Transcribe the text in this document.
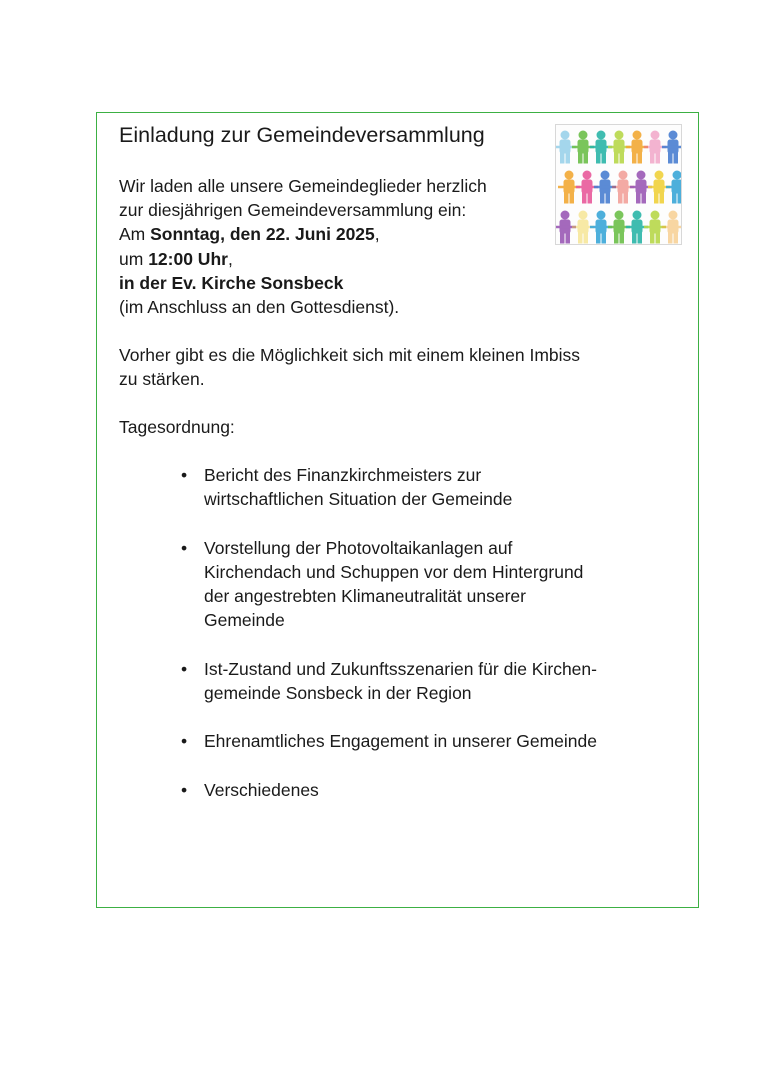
Einladung zur Gemeindeversammlung
Wir laden alle unsere Gemeindeglieder herzlich
zur diesjährigen Gemeindeversammlung ein:
Am Sonntag, den 22. Juni 2025,
um 12:00 Uhr,
in der Ev. Kirche Sonsbeck
(im Anschluss an den Gottesdienst).
Vorher gibt es die Möglichkeit sich mit einem kleinen Imbiss
zu stärken.
Tagesordnung:
• Bericht des Finanzkirchmeisters zur
wirtschaftlichen Situation der Gemeinde
• Vorstellung der Photovoltaikanlagen auf
Kirchendach und Schuppen vor dem Hintergrund
der angestrebten Klimaneutralität unserer
Gemeinde
• Ist-Zustand und Zukunftsszenarien für die Kirchen-
gemeinde Sonsbeck in der Region
• Ehrenamtliches Engagement in unserer Gemeinde
• Verschiedenes
